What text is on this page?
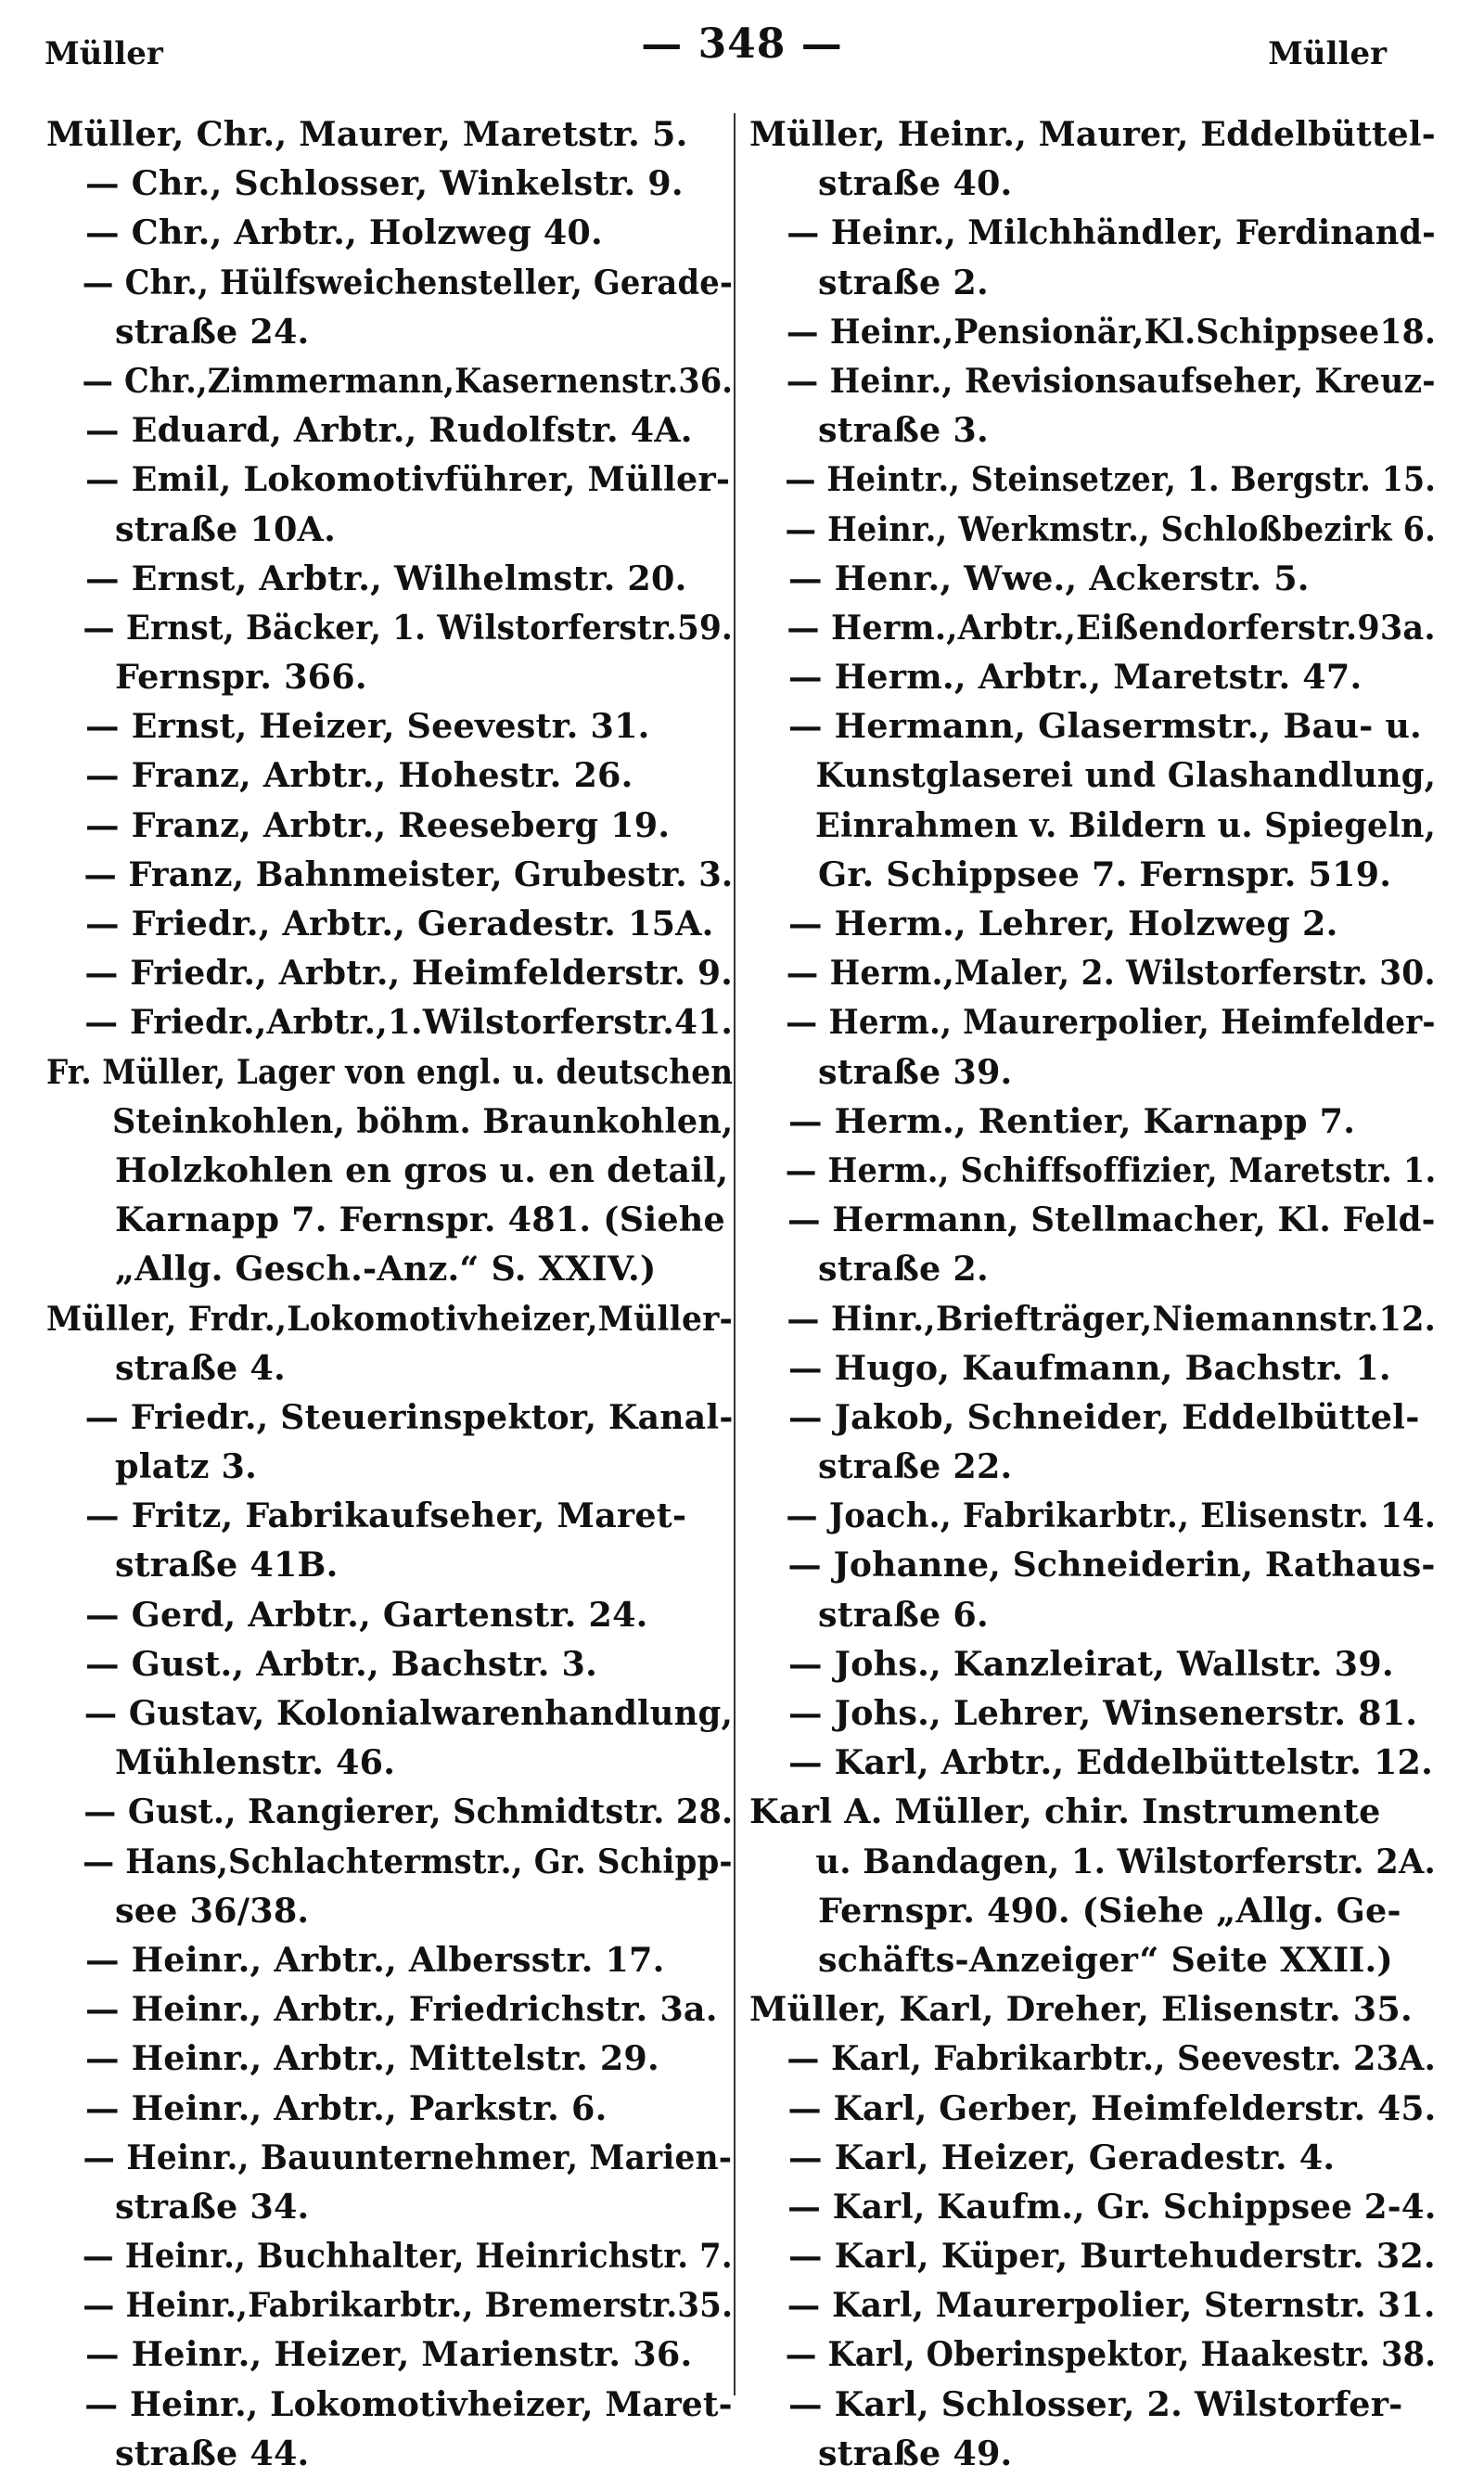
Müller	— 348 —	Müller
Müller, Chr., Maurer, Maretstr. 5.
— Chr., Schlosser, Winkelstr. 9.
— Chr., Arbtr., Holzweg 40.
— Chr., Hülfsweichensteller, Gerade-
straße 24.
— Chr.,Zimmermann,Kasernenstr.36.
— Eduard, Arbtr., Rudolfstr. 4A.
— Emil, Lokomotivführer, Müller-
straße 10A.
— Ernst, Arbtr., Wilhelmstr. 20.
— Ernst, Bäcker, 1. Wilstorferstr.59.
Fernspr. 366.
— Ernst, Heizer, Seevestr. 31.
— Franz, Arbtr., Hohestr. 26.
— Franz, Arbtr., Reeseberg 19.
— Franz, Bahnmeister, Grubestr. 3.
— Friedr., Arbtr., Geradestr. 15A.
— Friedr., Arbtr., Heimfelderstr. 9.
— Friedr.,Arbtr.,1.Wilstorferstr.41.
Fr. Müller, Lager von engl. u. deutschen
Steinkohlen, böhm. Braunkohlen,
Holzkohlen en gros u. en detail,
Karnapp 7. Fernspr. 481. (Siehe
„Allg. Gesch.-Anz.“ S. XXIV.)
Müller, Frdr.,Lokomotivheizer,Müller-
straße 4.
— Friedr., Steuerinspektor, Kanal-
platz 3.
— Fritz, Fabrikaufseher, Maret-
straße 41B.
— Gerd, Arbtr., Gartenstr. 24.
— Gust., Arbtr., Bachstr. 3.
— Gustav, Kolonialwarenhandlung,
Mühlenstr. 46.
— Gust., Rangierer, Schmidtstr. 28.
— Hans,Schlachtermstr., Gr. Schipp-
see 36/38.
— Heinr., Arbtr., Albersstr. 17.
— Heinr., Arbtr., Friedrichstr. 3a.
— Heinr., Arbtr., Mittelstr. 29.
— Heinr., Arbtr., Parkstr. 6.
— Heinr., Bauunternehmer, Marien-
straße 34.
— Heinr., Buchhalter, Heinrichstr. 7.
— Heinr.,Fabrikarbtr., Bremerstr.35.
— Heinr., Heizer, Marienstr. 36.
— Heinr., Lokomotivheizer, Maret-
straße 44.
Müller, Heinr., Maurer, Eddelbüttel-
straße 40.
— Heinr., Milchhändler, Ferdinand-
straße 2.
— Heinr.,Pensionär,Kl.Schippsee18.
— Heinr., Revisionsaufseher, Kreuz-
straße 3.
— Heintr., Steinsetzer, 1. Bergstr. 15.
— Heinr., Werkmstr., Schloßbezirk 6.
— Henr., Wwe., Ackerstr. 5.
— Herm.,Arbtr.,Eißendorferstr.93a.
— Herm., Arbtr., Maretstr. 47.
— Hermann, Glasermstr., Bau- u.
Kunstglaserei und Glashandlung,
Einrahmen v. Bildern u. Spiegeln,
Gr. Schippsee 7. Fernspr. 519.
— Herm., Lehrer, Holzweg 2.
— Herm.,Maler, 2. Wilstorferstr. 30.
— Herm., Maurerpolier, Heimfelder-
straße 39.
— Herm., Rentier, Karnapp 7.
— Herm., Schiffsoffizier, Maretstr. 1.
— Hermann, Stellmacher, Kl. Feld-
straße 2.
— Hinr.,Briefträger,Niemannstr.12.
— Hugo, Kaufmann, Bachstr. 1.
— Jakob, Schneider, Eddelbüttel-
straße 22.
— Joach., Fabrikarbtr., Elisenstr. 14.
— Johanne, Schneiderin, Rathaus-
straße 6.
— Johs., Kanzleirat, Wallstr. 39.
— Johs., Lehrer, Winsenerstr. 81.
— Karl, Arbtr., Eddelbüttelstr. 12.
Karl A. Müller, chir. Instrumente
u. Bandagen, 1. Wilstorferstr. 2A.
Fernspr. 490. (Siehe „Allg. Ge-
schäfts-Anzeiger“ Seite XXII.)
Müller, Karl, Dreher, Elisenstr. 35.
— Karl, Fabrikarbtr., Seevestr. 23A.
— Karl, Gerber, Heimfelderstr. 45.
— Karl, Heizer, Geradestr. 4.
— Karl, Kaufm., Gr. Schippsee 2-4.
— Karl, Küper, Burtehuderstr. 32.
— Karl, Maurerpolier, Sternstr. 31.
— Karl, Oberinspektor, Haakestr. 38.
— Karl, Schlosser, 2. Wilstorfer-
straße 49.
